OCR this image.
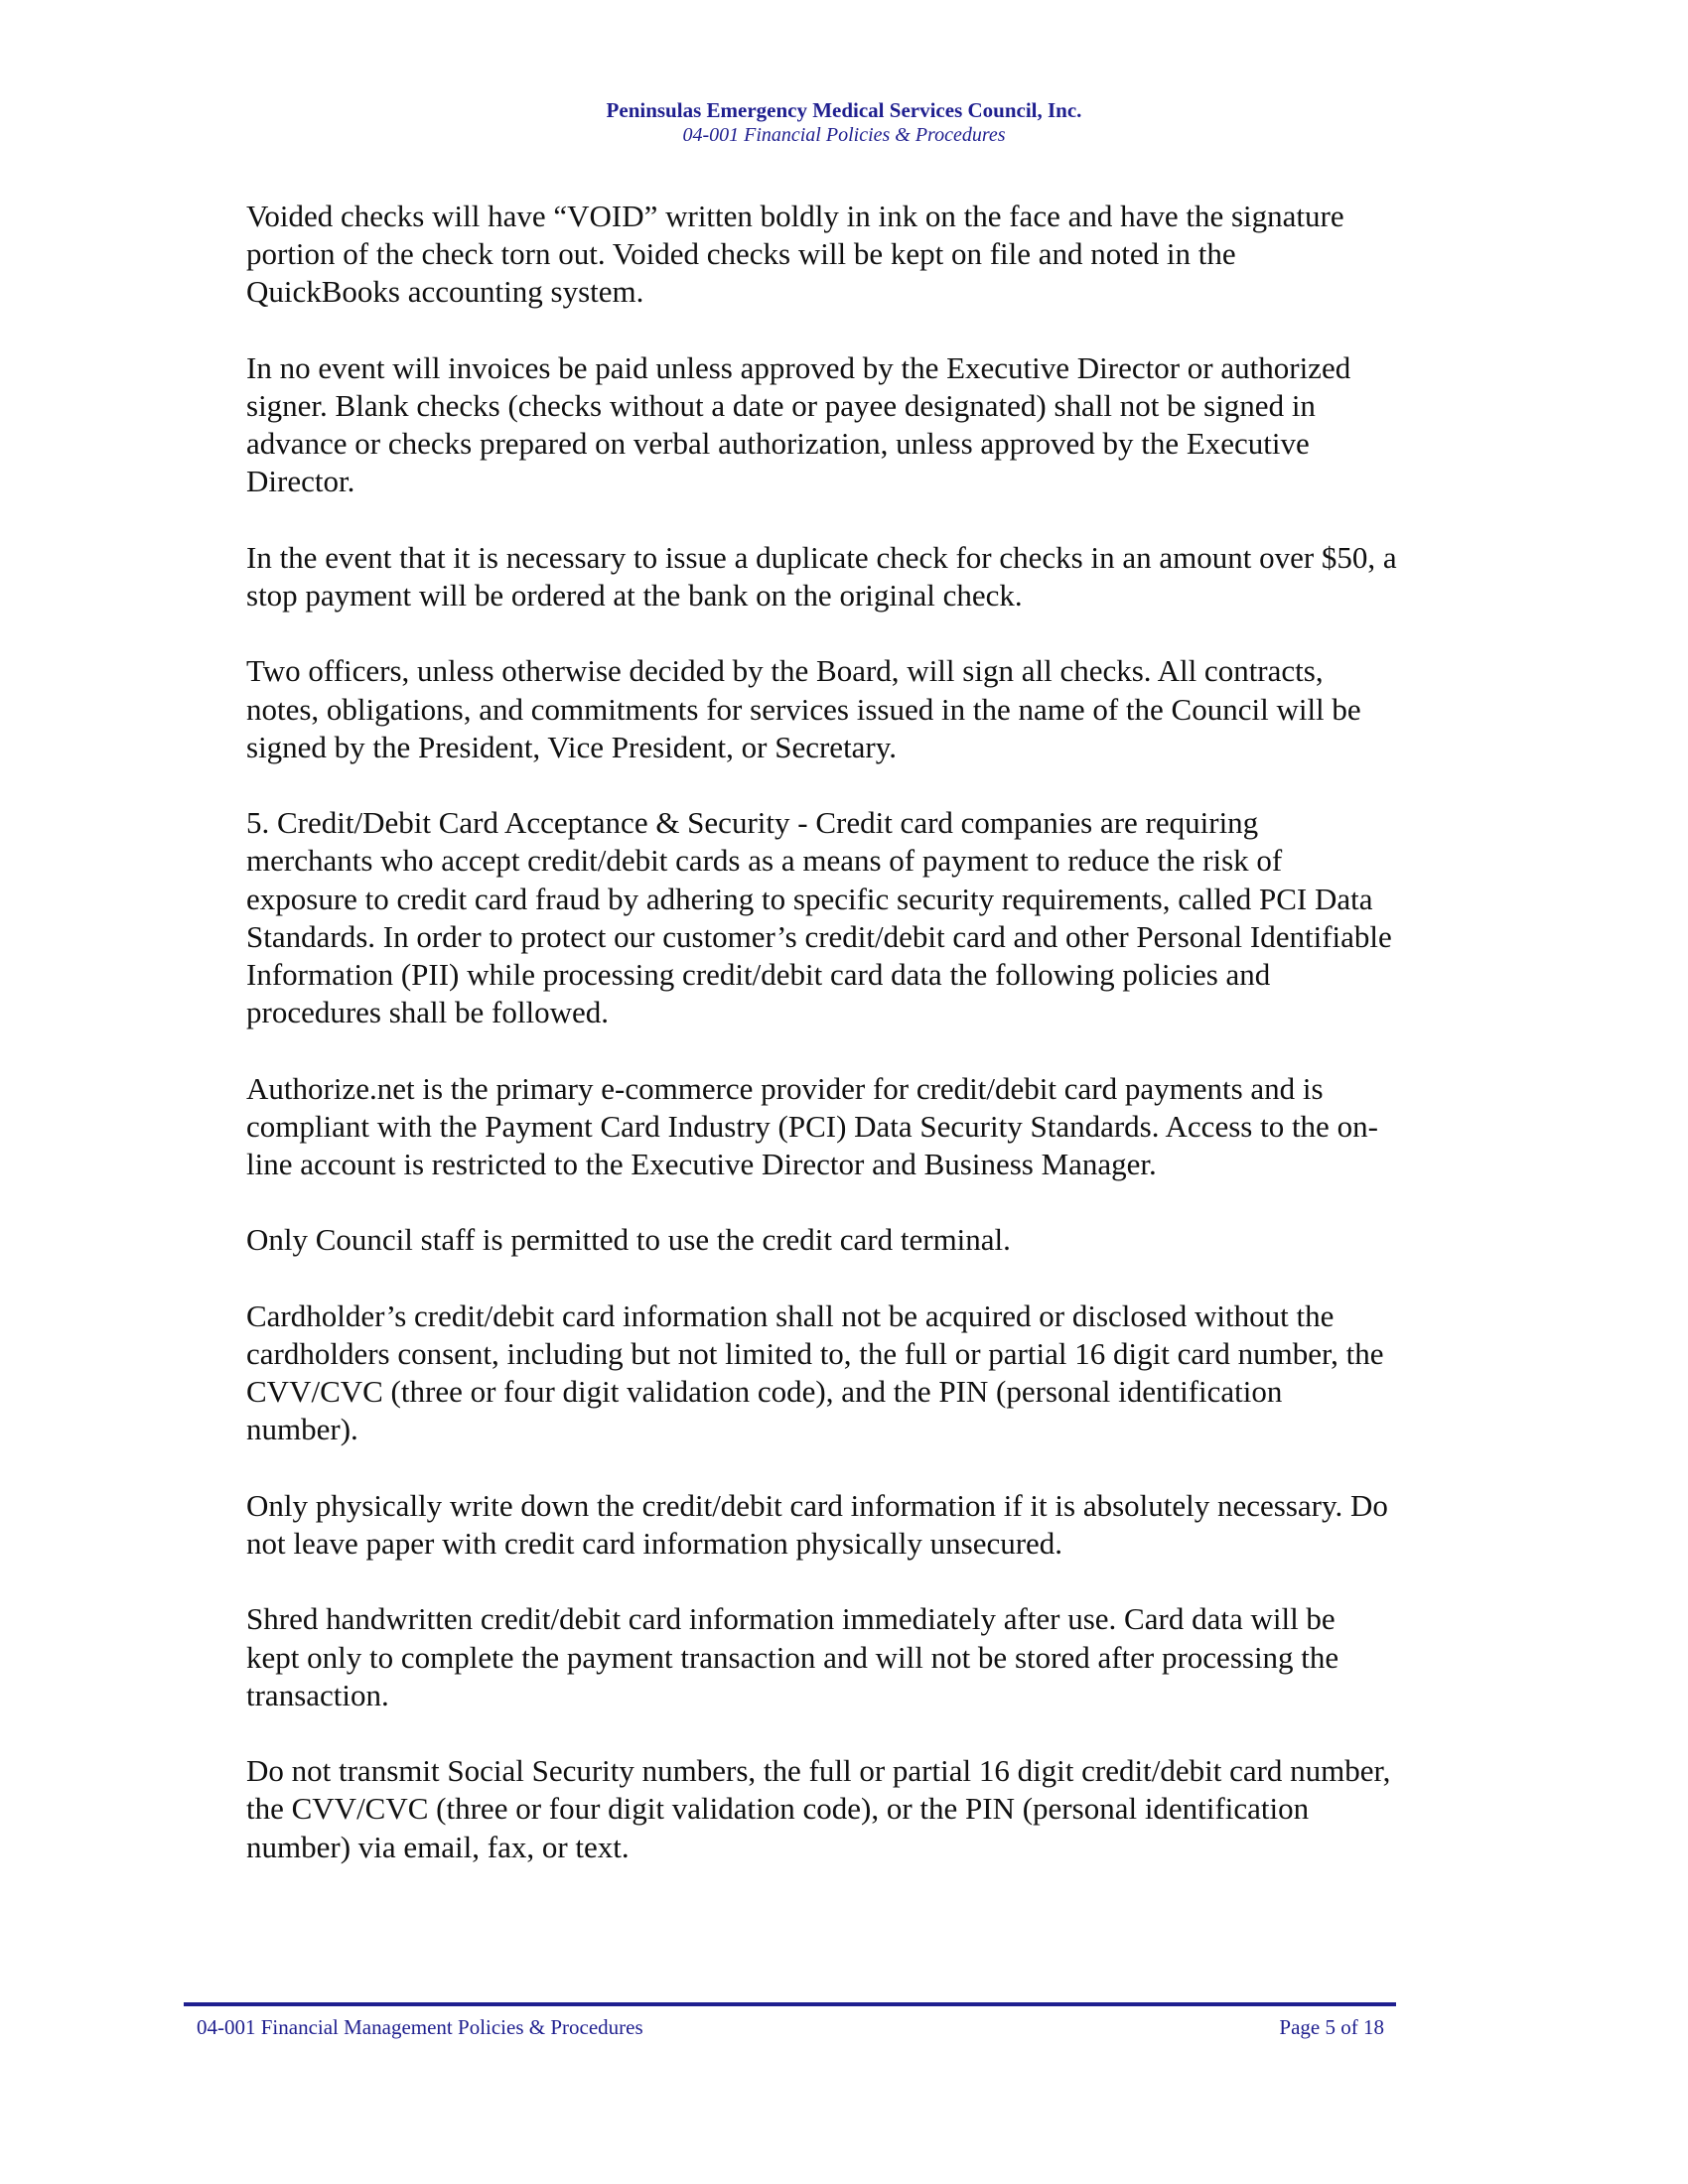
Peninsulas Emergency Medical Services Council, Inc.
04-001 Financial Policies & Procedures
Voided checks will have “VOID” written boldly in ink on the face and have the signature
portion of the check torn out. Voided checks will be kept on file and noted in the
QuickBooks accounting system.
In no event will invoices be paid unless approved by the Executive Director or authorized
signer. Blank checks (checks without a date or payee designated) shall not be signed in
advance or checks prepared on verbal authorization, unless approved by the Executive
Director.
In the event that it is necessary to issue a duplicate check for checks in an amount over $50, a
stop payment will be ordered at the bank on the original check.
Two officers, unless otherwise decided by the Board, will sign all checks. All contracts,
notes, obligations, and commitments for services issued in the name of the Council will be
signed by the President, Vice President, or Secretary.
5. Credit/Debit Card Acceptance & Security - Credit card companies are requiring
merchants who accept credit/debit cards as a means of payment to reduce the risk of
exposure to credit card fraud by adhering to specific security requirements, called PCI Data
Standards. In order to protect our customer’s credit/debit card and other Personal Identifiable
Information (PII) while processing credit/debit card data the following policies and
procedures shall be followed.
Authorize.net is the primary e-commerce provider for credit/debit card payments and is
compliant with the Payment Card Industry (PCI) Data Security Standards. Access to the on-
line account is restricted to the Executive Director and Business Manager.
Only Council staff is permitted to use the credit card terminal.
Cardholder’s credit/debit card information shall not be acquired or disclosed without the
cardholders consent, including but not limited to, the full or partial 16 digit card number, the
CVV/CVC (three or four digit validation code), and the PIN (personal identification
number).
Only physically write down the credit/debit card information if it is absolutely necessary. Do
not leave paper with credit card information physically unsecured.
Shred handwritten credit/debit card information immediately after use. Card data will be
kept only to complete the payment transaction and will not be stored after processing the
transaction.
Do not transmit Social Security numbers, the full or partial 16 digit credit/debit card number,
the CVV/CVC (three or four digit validation code), or the PIN (personal identification
number) via email, fax, or text.
04-001 Financial Management Policies & Procedures	Page 5 of 18
